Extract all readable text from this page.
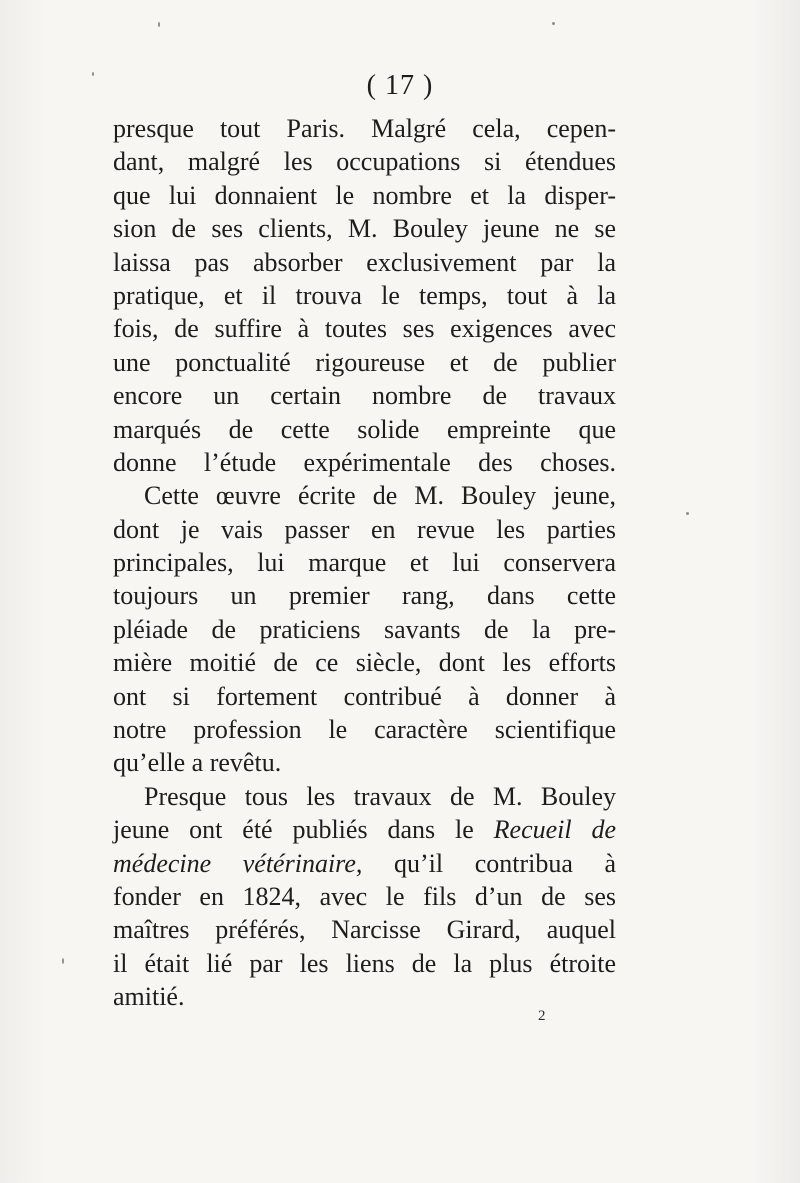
( 17 )
presque tout Paris. Malgré cela, cepen-
dant, malgré les occupations si étendues
que lui donnaient le nombre et la disper-
sion de ses clients, M. Bouley jeune ne se
laissa pas absorber exclusivement par la
pratique, et il trouva le temps, tout à la
fois, de suffire à toutes ses exigences avec
une ponctualité rigoureuse et de publier
encore un certain nombre de travaux
marqués de cette solide empreinte que
donne l’étude expérimentale des choses.
Cette œuvre écrite de M. Bouley jeune,
dont je vais passer en revue les parties
principales, lui marque et lui conservera
toujours un premier rang, dans cette
pléiade de praticiens savants de la pre-
mière moitié de ce siècle, dont les efforts
ont si fortement contribué à donner à
notre profession le caractère scientifique
qu’elle a revêtu.
Presque tous les travaux de M. Bouley
jeune ont été publiés dans le Recueil de
médecine vétérinaire, qu’il contribua à
fonder en 1824, avec le fils d’un de ses
maîtres préférés, Narcisse Girard, auquel
il était lié par les liens de la plus étroite
amitié.
2
